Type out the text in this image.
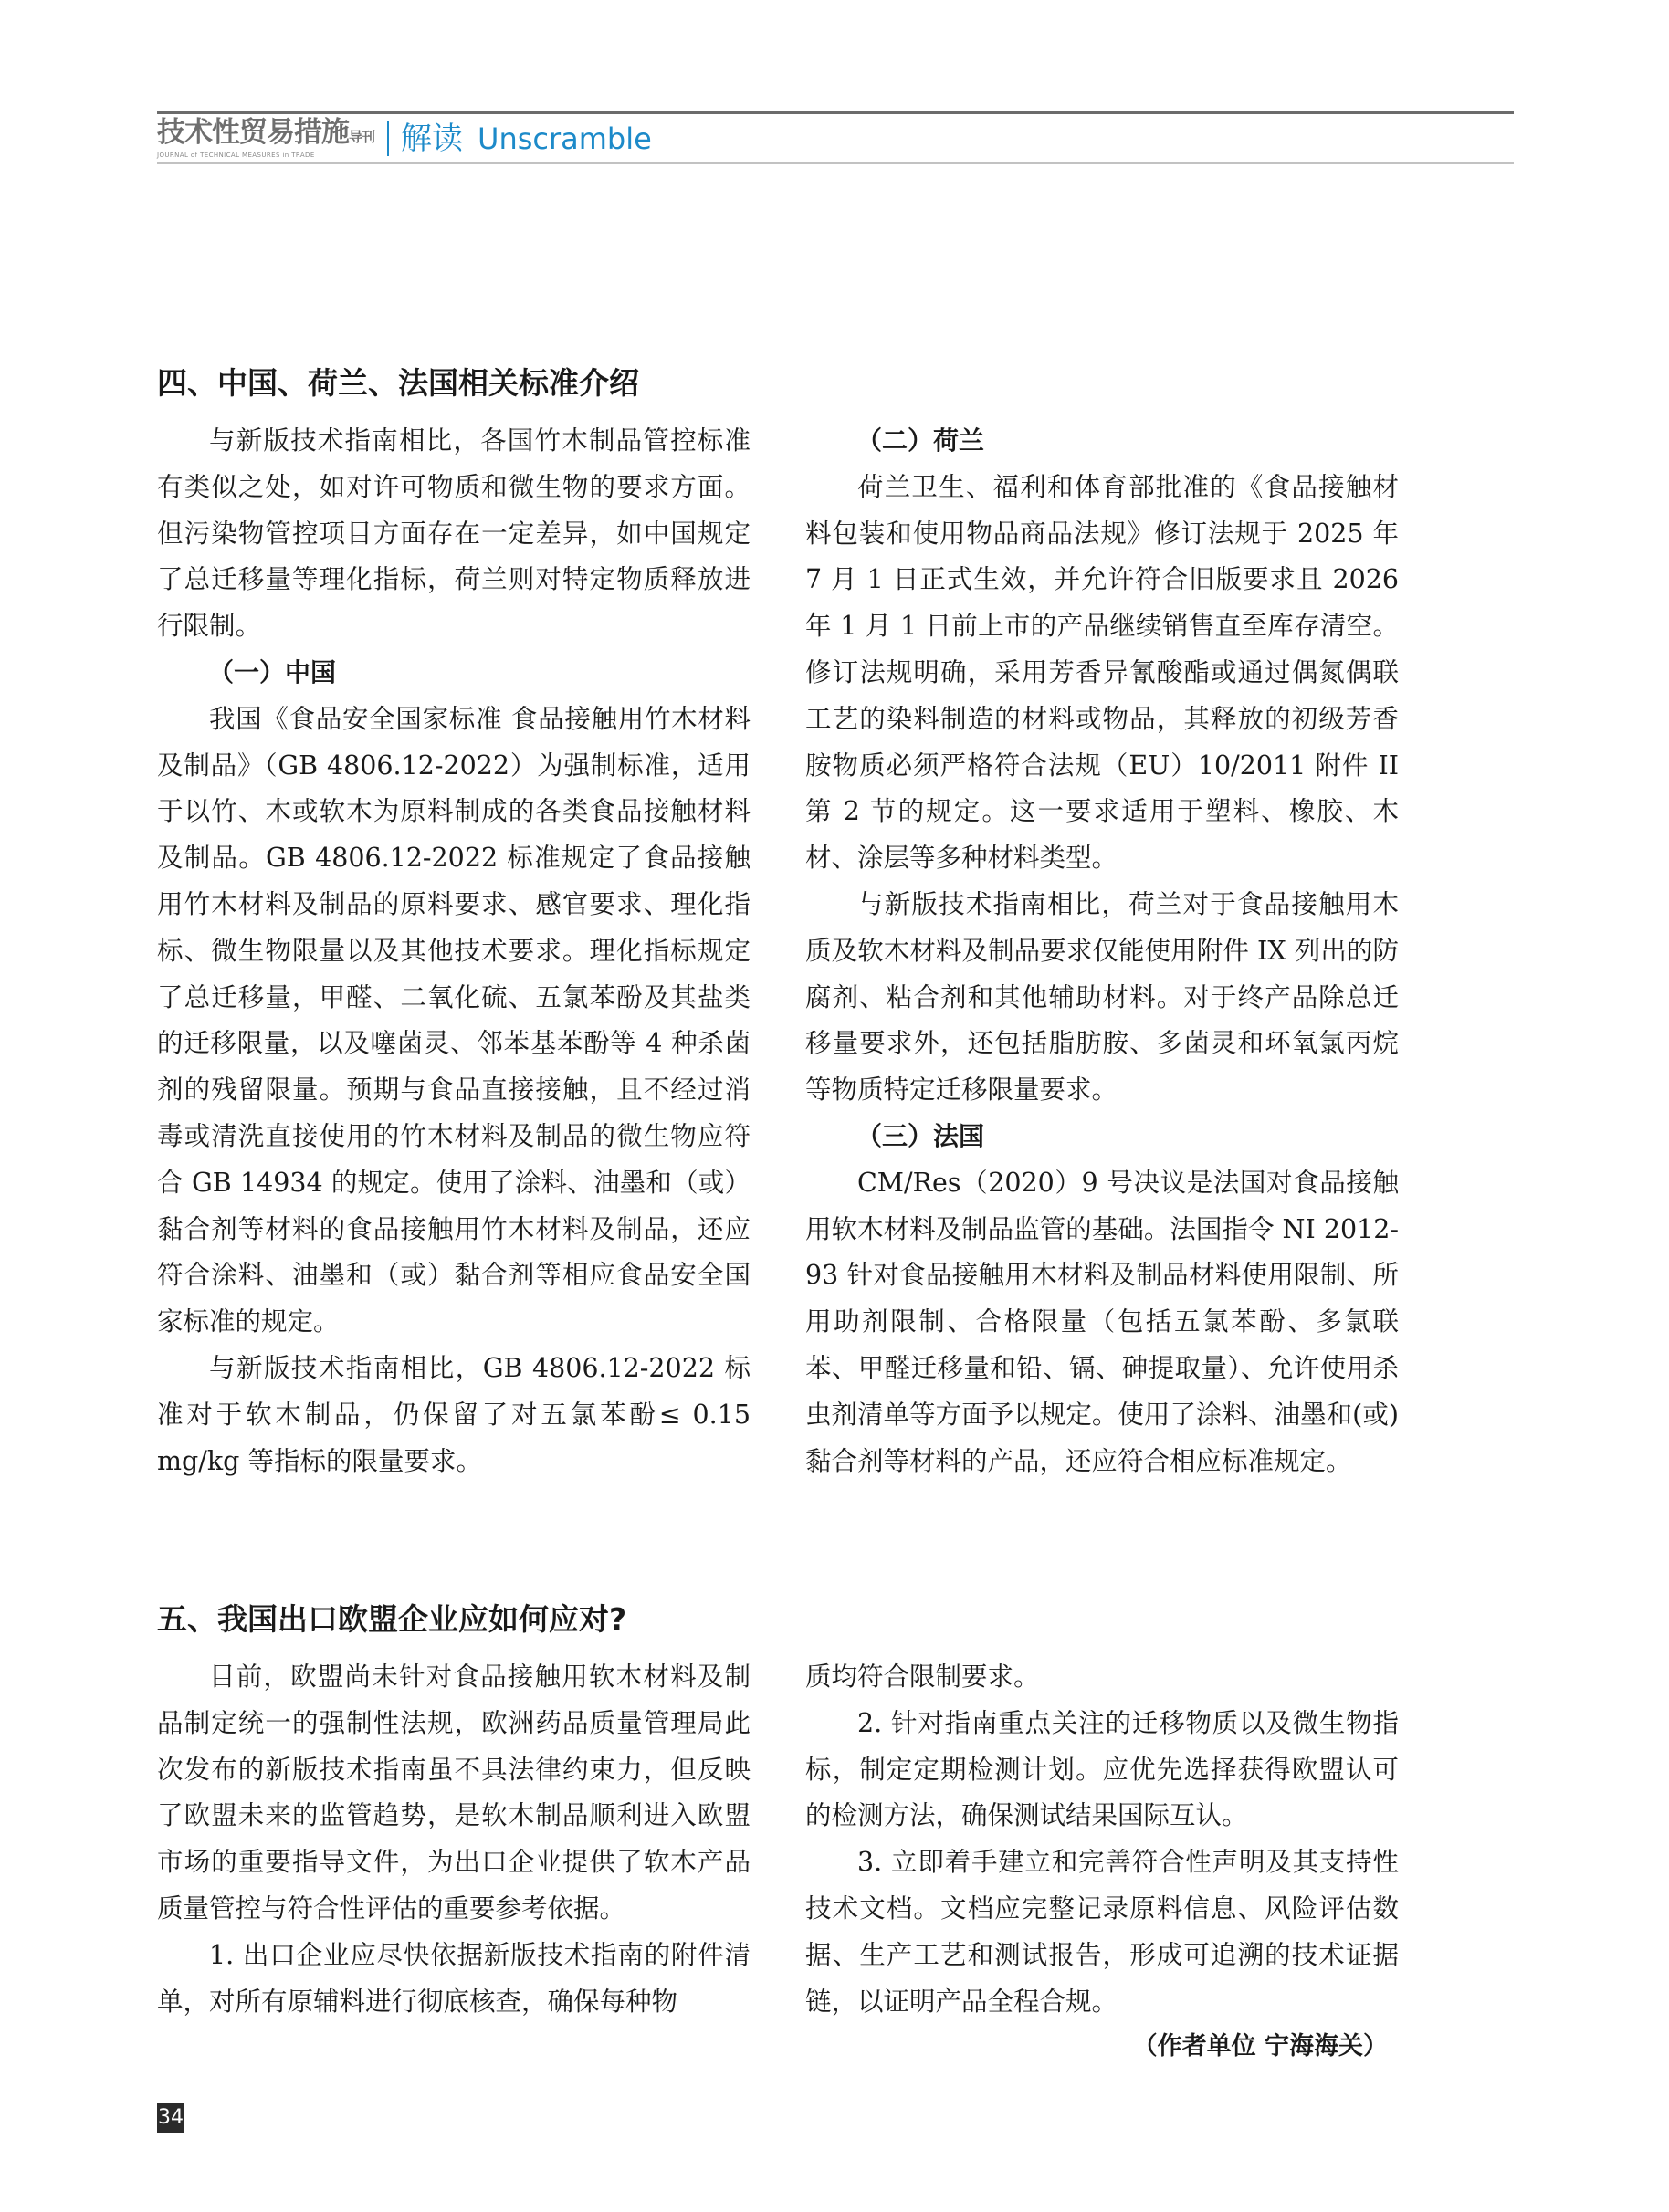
技术性贸易措施导刊
JOURNAL of TECHNICAL MEASURES in TRADE	解读 Unscramble
四、中国、荷兰、法国相关标准介绍

与新版技术指南相比，各国竹木制品管控标准有类似之处，如对许可物质和微生物的要求方面。但污染物管控项目方面存在一定差异，如中国规定了总迁移量等理化指标，荷兰则对特定物质释放进行限制。

（一）中国

我国《食品安全国家标准 食品接触用竹木材料及制品》（GB 4806.12-2022）为强制标准，适用于以竹、木或软木为原料制成的各类食品接触材料及制品。GB 4806.12-2022 标准规定了食品接触用竹木材料及制品的原料要求、感官要求、理化指标、微生物限量以及其他技术要求。理化指标规定了总迁移量，甲醛、二氧化硫、五氯苯酚及其盐类的迁移限量，以及噻菌灵、邻苯基苯酚等 4 种杀菌剂的残留限量。预期与食品直接接触，且不经过消毒或清洗直接使用的竹木材料及制品的微生物应符合 GB 14934 的规定。使用了涂料、油墨和（或）黏合剂等材料的食品接触用竹木材料及制品，还应符合涂料、油墨和（或）黏合剂等相应食品安全国家标准的规定。

与新版技术指南相比，GB 4806.12-2022 标准对于软木制品，仍保留了对五氯苯酚≤ 0.15 mg/kg 等指标的限量要求。

（二）荷兰

荷兰卫生、福利和体育部批准的《食品接触材料包装和使用物品商品法规》修订法规于 2025 年 7 月 1 日正式生效，并允许符合旧版要求且 2026 年 1 月 1 日前上市的产品继续销售直至库存清空。修订法规明确，采用芳香异氰酸酯或通过偶氮偶联工艺的染料制造的材料或物品，其释放的初级芳香胺物质必须严格符合法规（EU）10/2011 附件 II 第 2 节的规定。这一要求适用于塑料、橡胶、木材、涂层等多种材料类型。

与新版技术指南相比，荷兰对于食品接触用木质及软木材料及制品要求仅能使用附件 IX 列出的防腐剂、粘合剂和其他辅助材料。对于终产品除总迁移量要求外，还包括脂肪胺、多菌灵和环氧氯丙烷等物质特定迁移限量要求。

（三）法国

CM/Res（2020）9 号决议是法国对食品接触用软木材料及制品监管的基础。法国指令 NI 2012-93 针对食品接触用木材料及制品材料使用限制、所用助剂限制、合格限量（包括五氯苯酚、多氯联苯、甲醛迁移量和铅、镉、砷提取量）、允许使用杀虫剂清单等方面予以规定。使用了涂料、油墨和(或)黏合剂等材料的产品，还应符合相应标准规定。

五、我国出口欧盟企业应如何应对?

目前，欧盟尚未针对食品接触用软木材料及制品制定统一的强制性法规，欧洲药品质量管理局此次发布的新版技术指南虽不具法律约束力，但反映了欧盟未来的监管趋势，是软木制品顺利进入欧盟市场的重要指导文件，为出口企业提供了软木产品质量管控与符合性评估的重要参考依据。

1. 出口企业应尽快依据新版技术指南的附件清单，对所有原辅料进行彻底核查，确保每种物

质均符合限制要求。

2. 针对指南重点关注的迁移物质以及微生物指标，制定定期检测计划。应优先选择获得欧盟认可的检测方法，确保测试结果国际互认。

3. 立即着手建立和完善符合性声明及其支持性技术文档。文档应完整记录原料信息、风险评估数据、生产工艺和测试报告，形成可追溯的技术证据链，以证明产品全程合规。

（作者单位 宁海海关）
34
